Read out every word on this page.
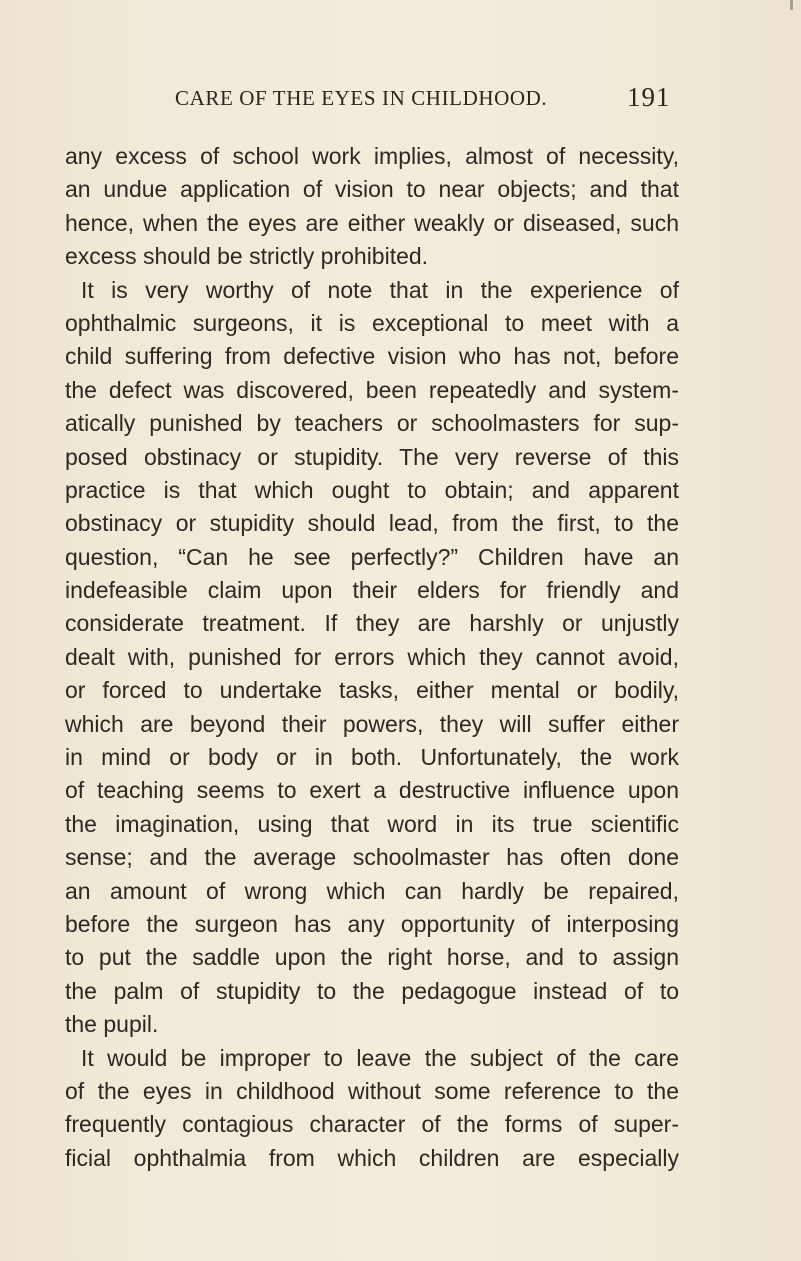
CARE OF THE EYES IN CHILDHOOD.	191
any excess of school work implies, almost of necessity,
an undue application of vision to near objects; and that
hence, when the eyes are either weakly or diseased, such
excess should be strictly prohibited.
It is very worthy of note that in the experience of
ophthalmic surgeons, it is exceptional to meet with a
child suffering from defective vision who has not, before
the defect was discovered, been repeatedly and system-
atically punished by teachers or schoolmasters for sup-
posed obstinacy or stupidity. The very reverse of this
practice is that which ought to obtain; and apparent
obstinacy or stupidity should lead, from the first, to the
question, “Can he see perfectly?” Children have an
indefeasible claim upon their elders for friendly and
considerate treatment. If they are harshly or unjustly
dealt with, punished for errors which they cannot avoid,
or forced to undertake tasks, either mental or bodily,
which are beyond their powers, they will suffer either
in mind or body or in both. Unfortunately, the work
of teaching seems to exert a destructive influence upon
the imagination, using that word in its true scientific
sense; and the average schoolmaster has often done
an amount of wrong which can hardly be repaired,
before the surgeon has any opportunity of interposing
to put the saddle upon the right horse, and to assign
the palm of stupidity to the pedagogue instead of to
the pupil.
It would be improper to leave the subject of the care
of the eyes in childhood without some reference to the
frequently contagious character of the forms of super-
ficial ophthalmia from which children are especially
